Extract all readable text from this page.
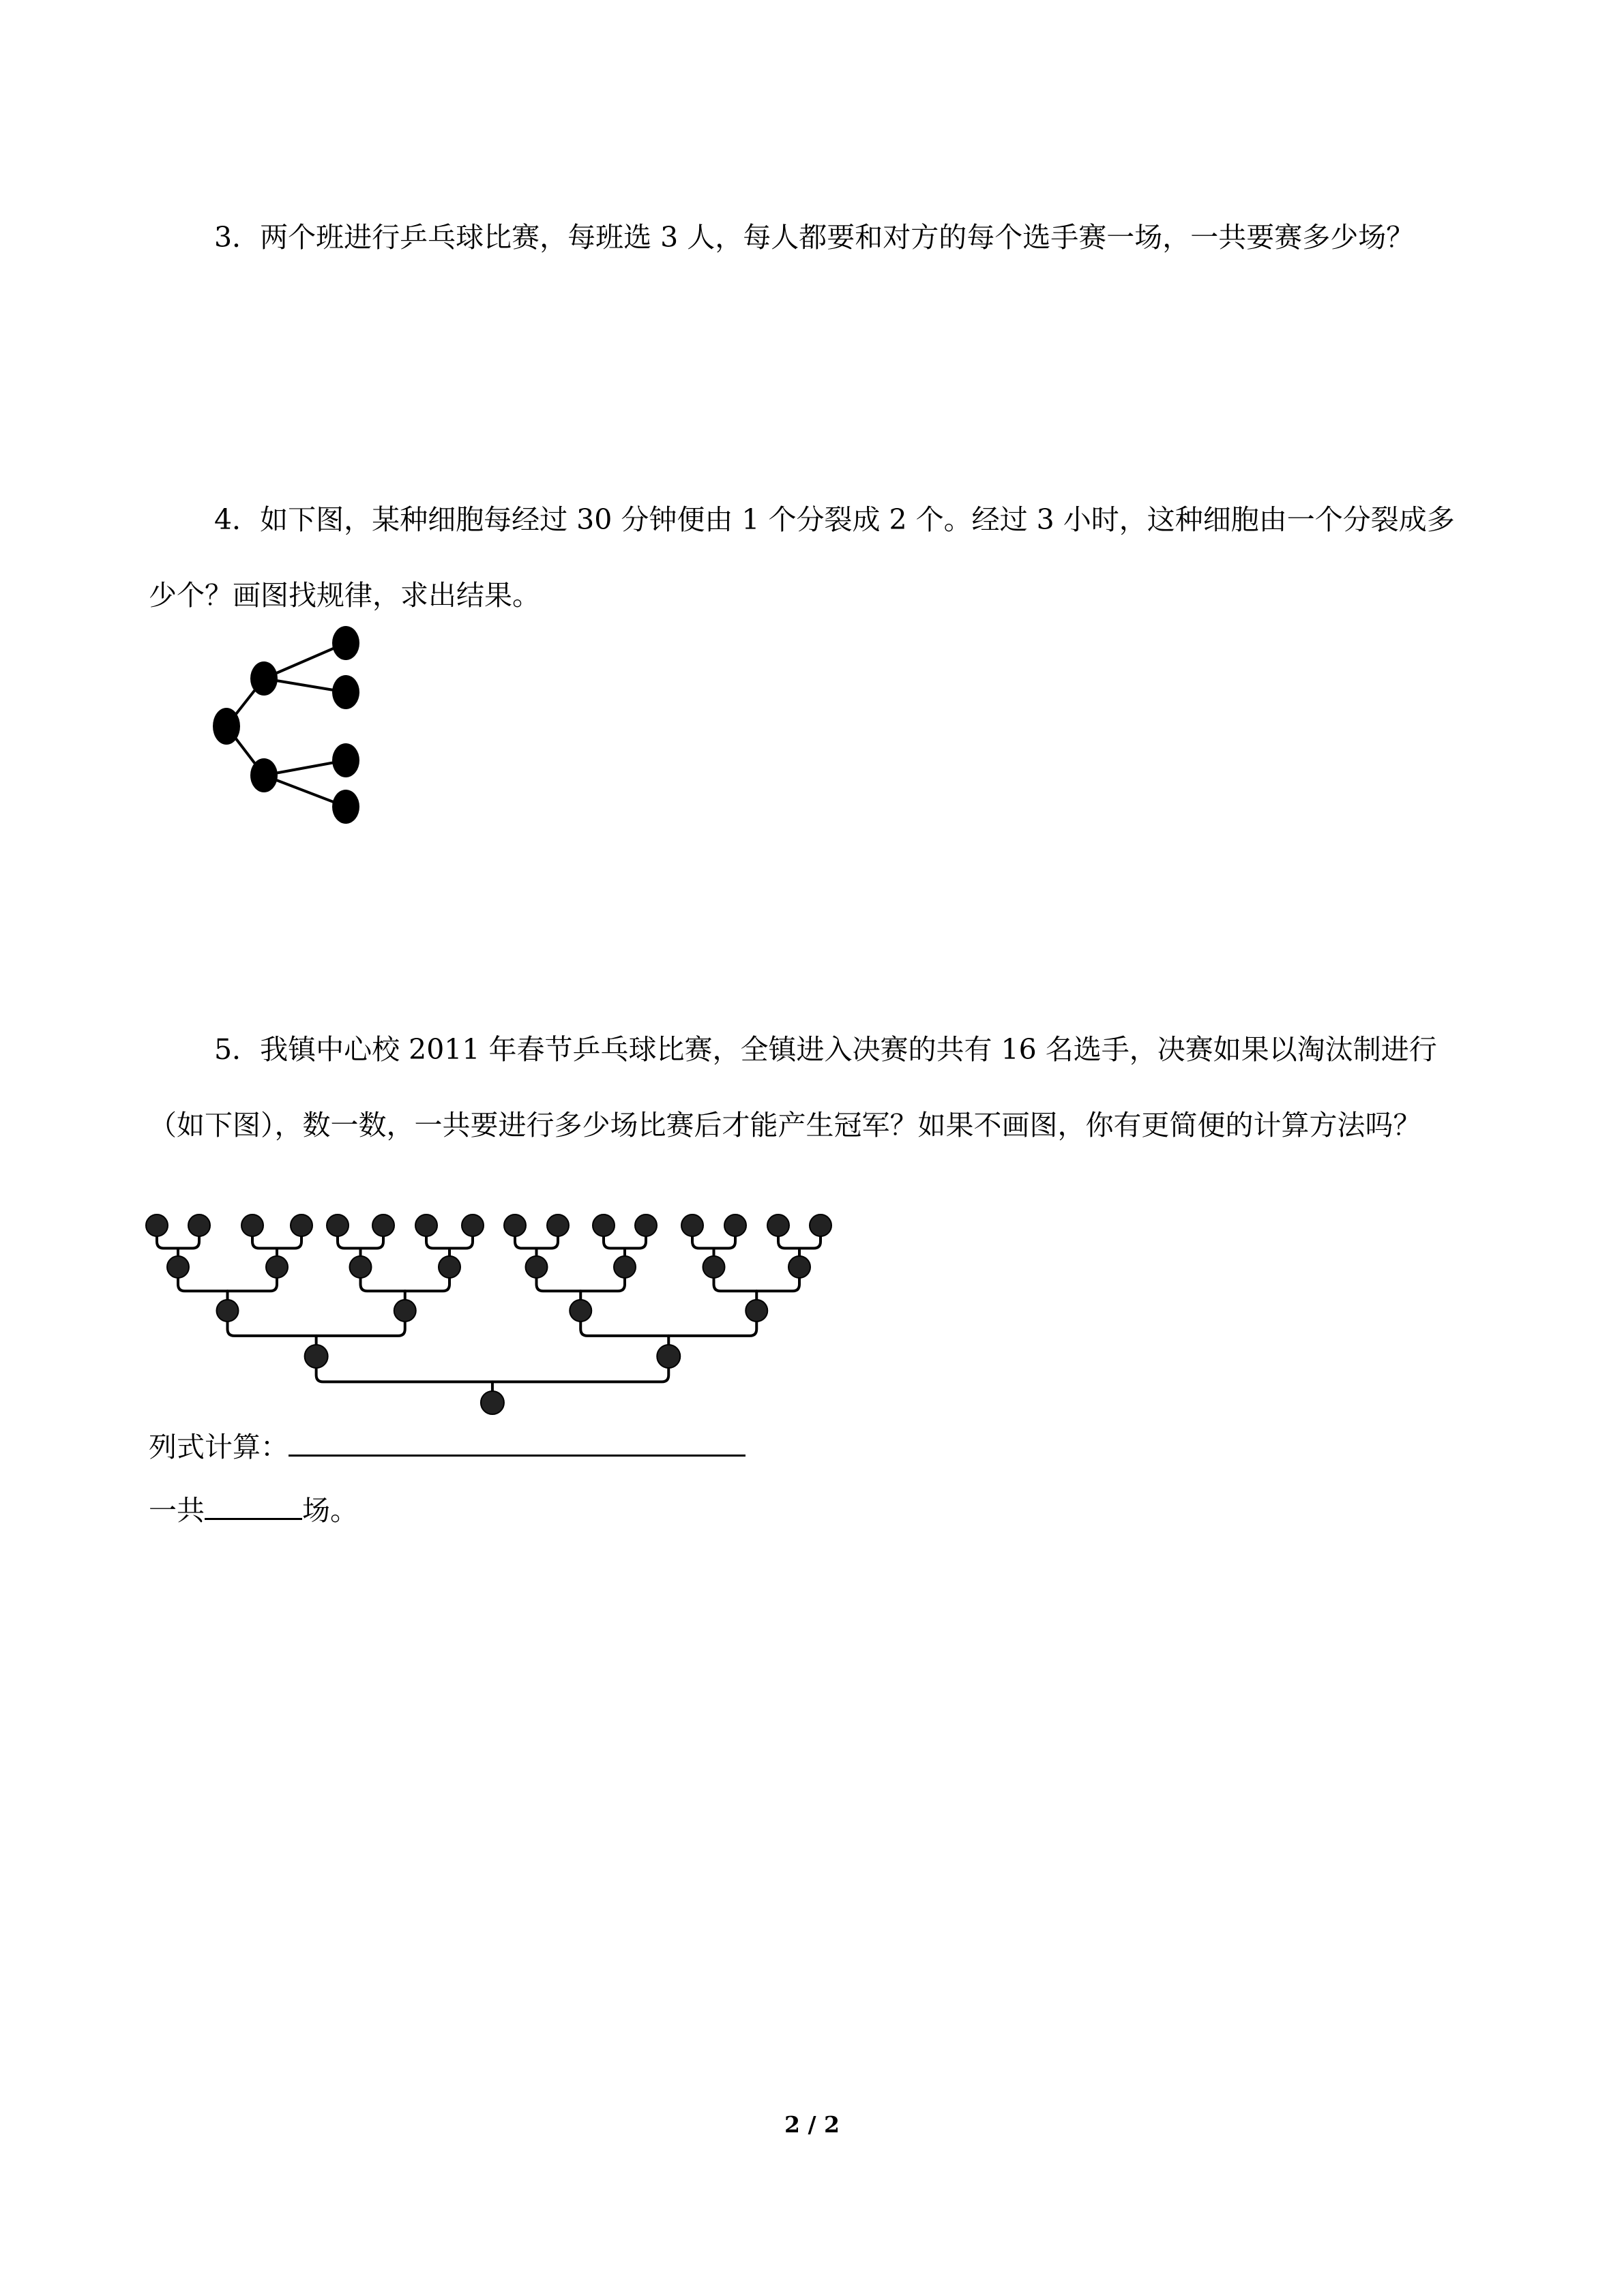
3．两个班进行乒乓球比赛，每班选 3 人，每人都要和对方的每个选手赛一场，一共要赛多少场？

4．如下图，某种细胞每经过 30 分钟便由 1 个分裂成 2 个。经过 3 小时，这种细胞由一个分裂成多少个？画图找规律，求出结果。

5．我镇中心校 2011 年春节乒乓球比赛，全镇进入决赛的共有 16 名选手，决赛如果以淘汰制进行（如下图），数一数，一共要进行多少场比赛后才能产生冠军？如果不画图，你有更简便的计算方法吗？

列式计算：
一共	场。
2 / 2
